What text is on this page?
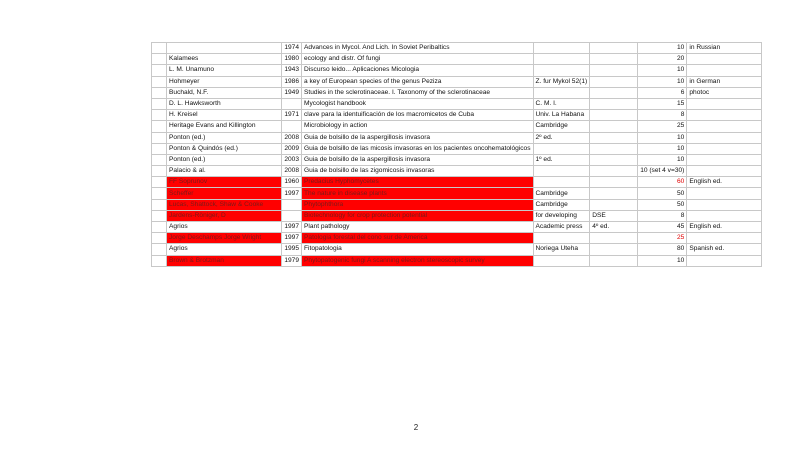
		1974	Advances in Mycol. And Lich. In Soviet Peribaltics			10	in Russian
	Kalamees	1980	ecology and distr. Of fungi			20	
	L. M. Unamuno	1943	Discurso leido... Aplicaciones Micologia			10	
	Hohmeyer	1986	a key of European species of the genus Peziza	Z. fur Mykol 52(1)		10	in German
	Buchald, N.F.	1949	Studies in the sclerotinaceae. I. Taxonomy of the sclerotinaceae			6	photoc
	D. L. Hawksworth		Mycologist handbook	C. M. I.		15	
	H. Kreisel	1971	clave para la identuificación de los macromicetos de Cuba	Univ. La Habana		8	
	Heritage Evans and Killington		Microbiology in action	Cambridge		25	
	Ponton (ed.)	2008	Guia de bolsillo de la aspergillosis invasora	2º ed.		10	
	Ponton & Quindós (ed.)	2009	Guia de bolsillo de las micosis invasoras en los pacientes oncohematológicos			10	
	Ponton (ed.)	2003	Guia de bolsillo de la aspergillosis invasora	1º ed.		10	
	Palacio & al.	2008	Guia de bolsillo de las zigomicosis invasoras			10 (set 4 v=30)	
	FF Soprunov	1960	Predacius Hyphomycetes			60	English ed.
	Scheffer	1997	The nature in disease plants	Cambridge		50	
	Lucas, Shattock, Shaw & Cooke		Phytophthora	Cambridge		50	
	Jardens-Röniger, D		Biotechnology for crop protection potential	for developing	DSE	8	
	Agrios	1997	Plant pathology	Academic press	4º ed.	45	English ed.
	Jorge Deschamps Jorge Wright	1997	Patologia forestal del cono sur de America			25	
	Agrios	1995	Fitopatologia	Noriega Uteha		80	Spanish ed.
	Brown & Brotzman	1979	Phytopatogenic fungi A scanning electron stereoscopic survey			10	
2
